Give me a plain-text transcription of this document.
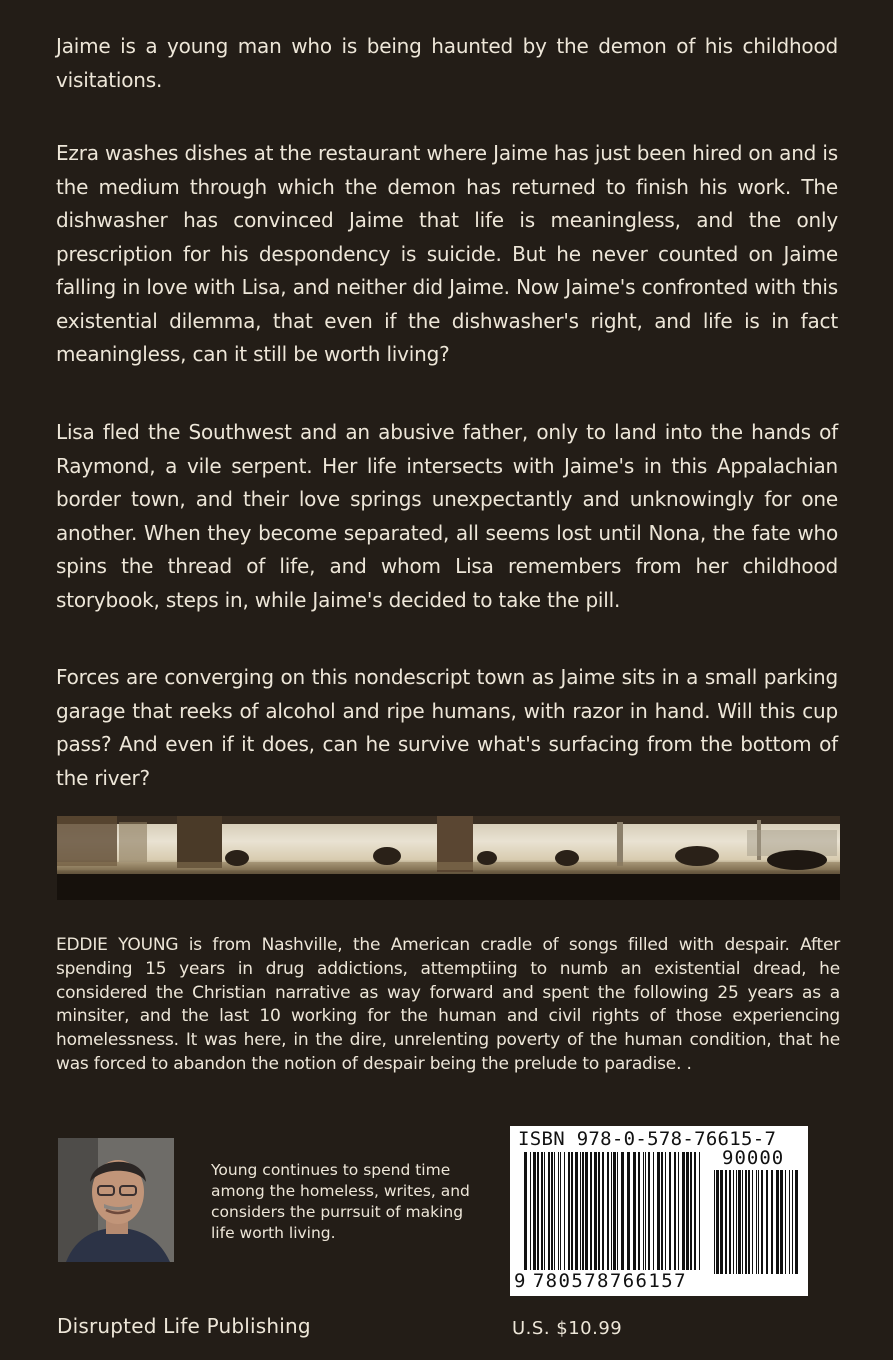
Jaime is a young man who is being haunted by the demon of his childhood visitations.

Ezra washes dishes at the restaurant where Jaime has just been hired on and is the medium through which the demon has returned to finish his work. The dishwasher has convinced Jaime that life is meaningless, and the only prescription for his despondency is suicide. But he never counted on Jaime falling in love with Lisa, and neither did Jaime. Now Jaime's confronted with this existential dilemma, that even if the dishwasher's right, and life is in fact meaningless, can it still be worth living?

Lisa fled the Southwest and an abusive father, only to land into the hands of Raymond, a vile serpent. Her life intersects with Jaime's in this Appalachian border town, and their love springs unexpectantly and unknowingly for one another. When they become separated, all seems lost until Nona, the fate who spins the thread of life, and whom Lisa remembers from her childhood storybook, steps in, while Jaime's decided to take the pill.

Forces are converging on this nondescript town as Jaime sits in a small parking garage that reeks of alcohol and ripe humans, with razor in hand. Will this cup pass? And even if it does, can he survive what's surfacing from the bottom of the river?

EDDIE YOUNG is from Nashville, the American cradle of songs filled with despair. After spending 15 years in drug addictions, attemptiing to numb an existential dread, he considered the Christian narrative as way forward and spent the following 25 years as a minsiter, and the last 10 working for the human and civil rights of those experiencing homelessness. It was here, in the dire, unrelenting poverty of the human condition, that he was forced to abandon the notion of despair being the prelude to paradise. .

Young continues to spend time among the homeless, writes, and considers the purrsuit of making life worth living.

ISBN 978-0-578-76615-7
90000
9 780578766157
Disrupted Life Publishing	U.S. $10.99
